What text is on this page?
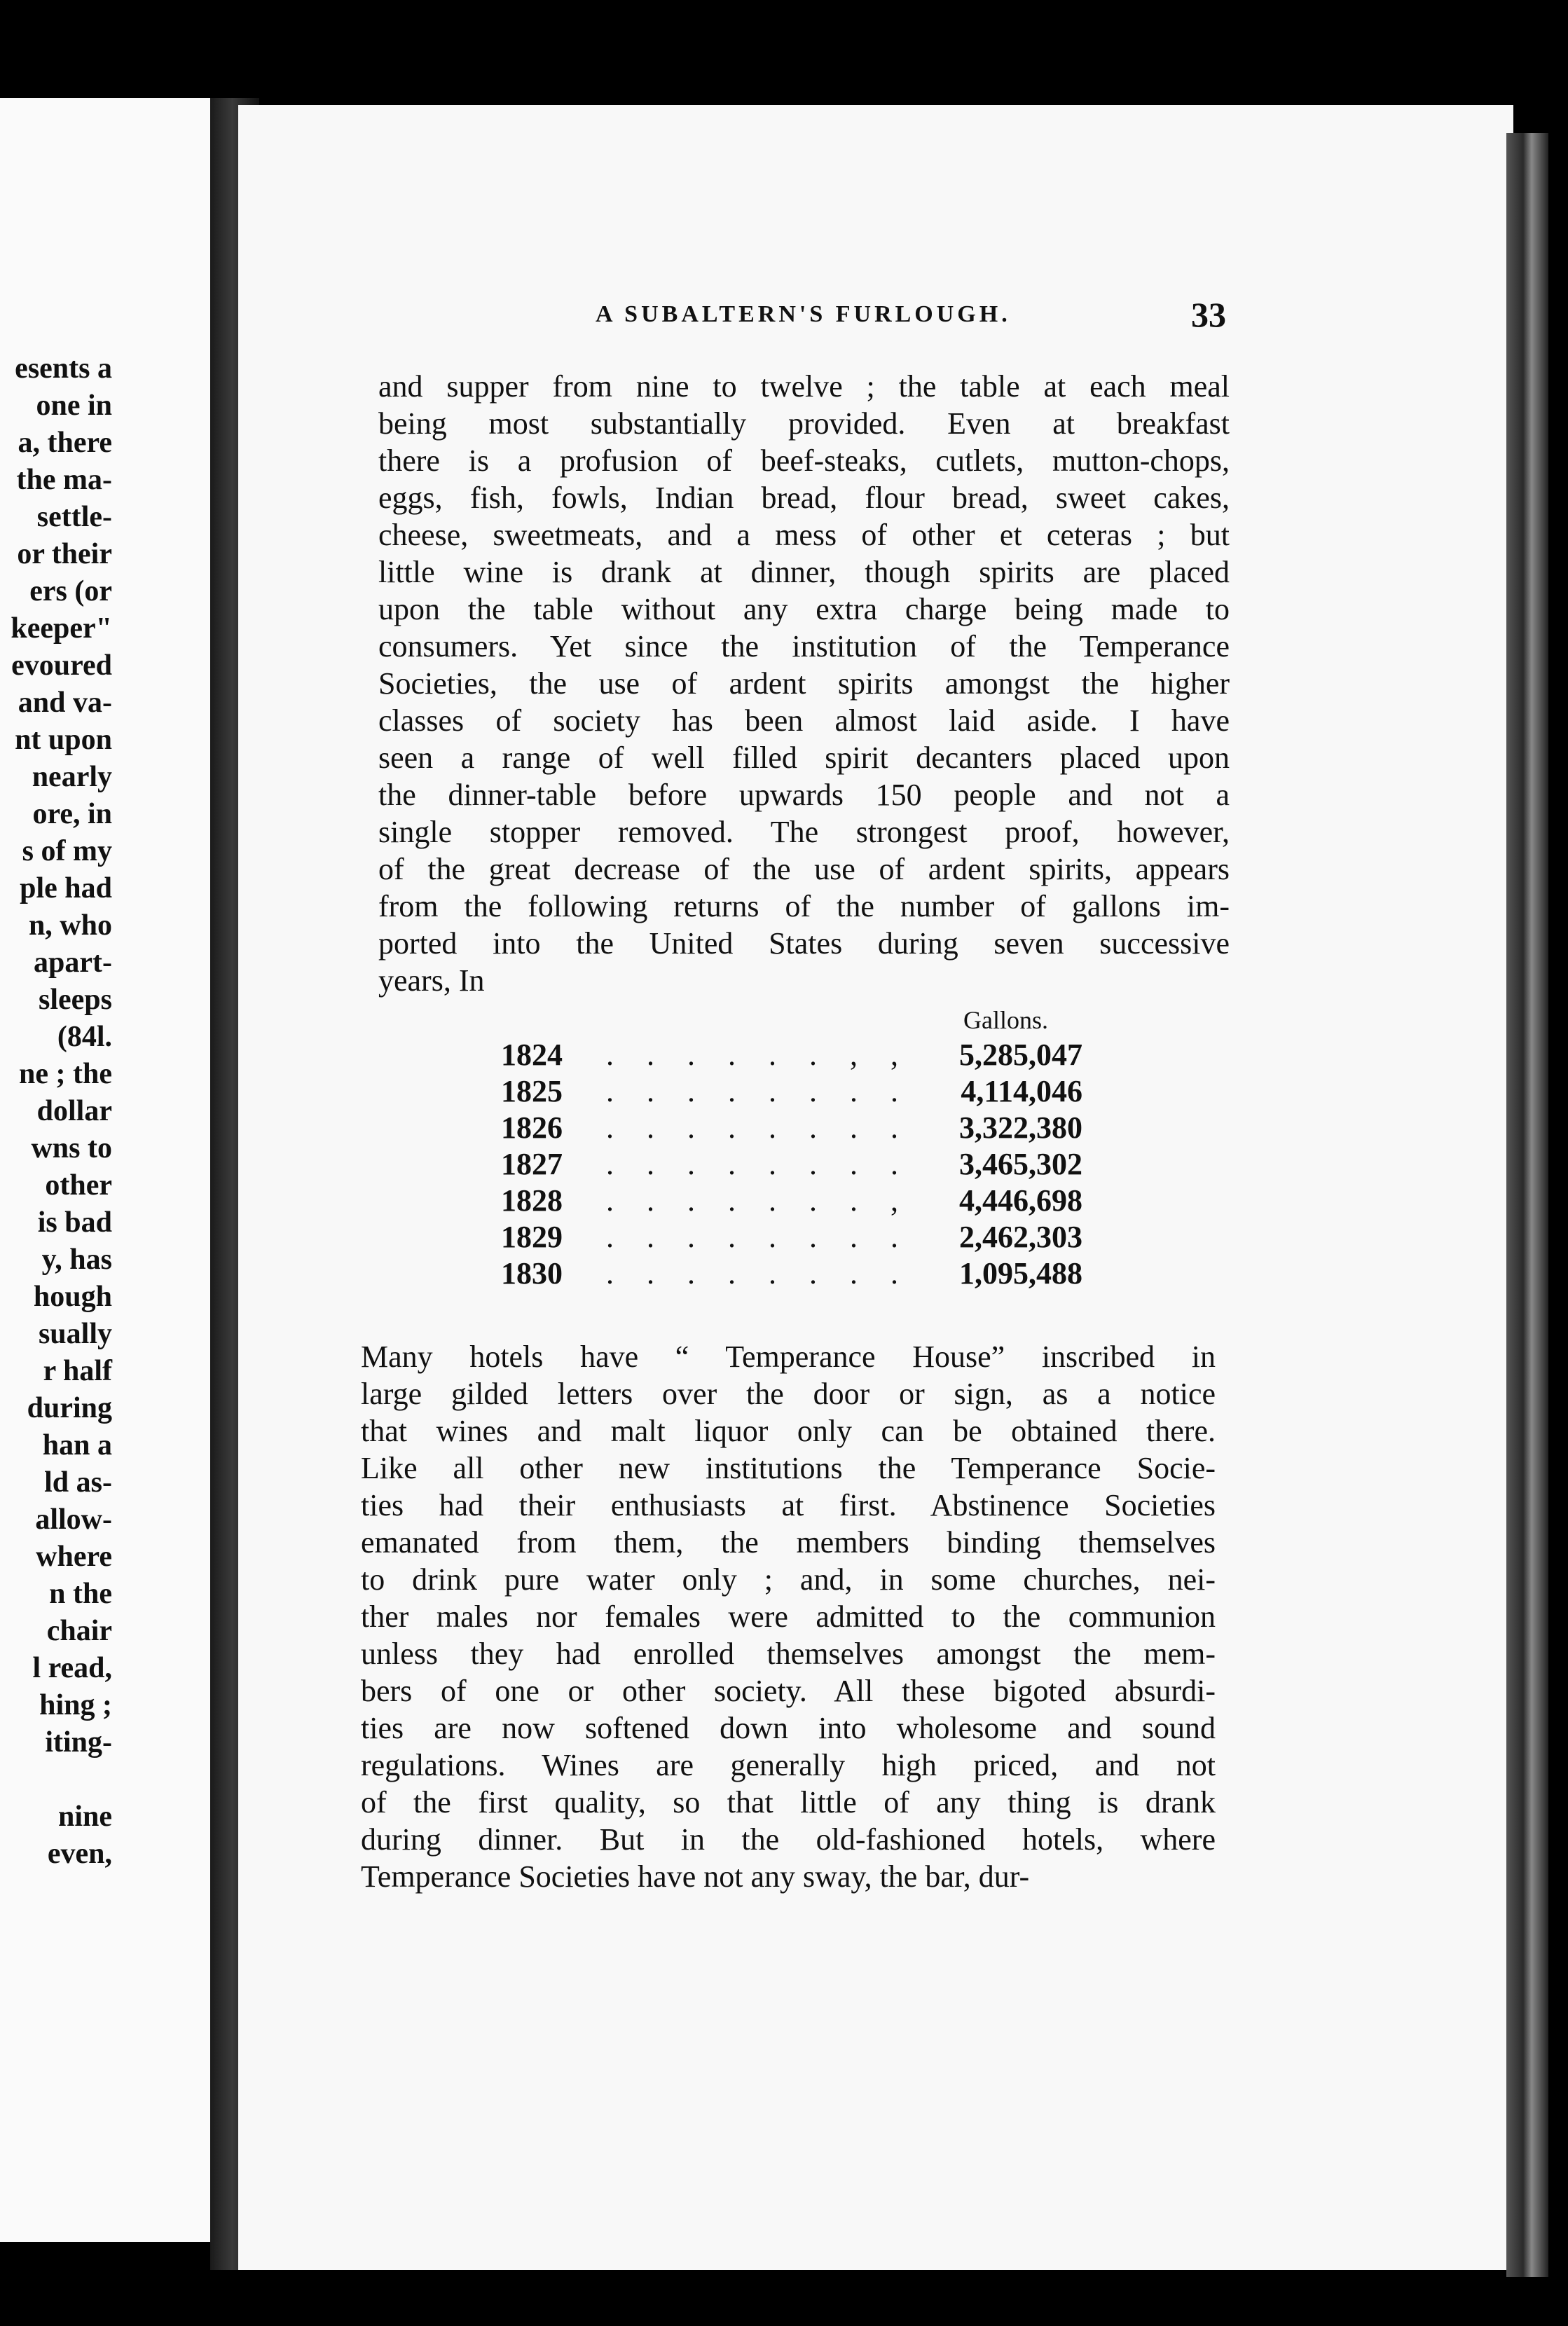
esents a
one in
a, there
the ma-
settle-
or their
ers (or
keeper"
evoured
and va-
nt upon
nearly
ore, in
s of my
ple had
n, who
apart-
sleeps
(84l.
ne ; the
dollar
wns to
other
is bad
y, has
hough
sually
r half
during
han a
ld as-
allow-
where
n the
chair
l read,
hing ;
iting-
nine
even,
A SUBALTERN'S FURLOUGH.	33
and supper from nine to twelve ; the table at each meal
being most substantially provided. Even at breakfast
there is a profusion of beef-steaks, cutlets, mutton-chops,
eggs, fish, fowls, Indian bread, flour bread, sweet cakes,
cheese, sweetmeats, and a mess of other et ceteras ; but
little wine is drank at dinner, though spirits are placed
upon the table without any extra charge being made to
consumers. Yet since the institution of the Temperance
Societies, the use of ardent spirits amongst the higher
classes of society has been almost laid aside. I have
seen a range of well filled spirit decanters placed upon
the dinner-table before upwards 150 people and not a
single stopper removed. The strongest proof, however,
of the great decrease of the use of ardent spirits, appears
from the following returns of the number of gallons im-
ported into the United States during seven successive
years, In
Gallons.
1824 . . . . . . , , 5,285,047
1825 . . . . . . . . 4,114,046
1826 . . . . . . . . 3,322,380
1827 . . . . . . . . 3,465,302
1828 . . . . . . . , 4,446,698
1829 . . . . . . . . 2,462,303
1830 . . . . . . . . 1,095,488
Many hotels have “ Temperance House” inscribed in
large gilded letters over the door or sign, as a notice
that wines and malt liquor only can be obtained there.
Like all other new institutions the Temperance Socie-
ties had their enthusiasts at first. Abstinence Societies
emanated from them, the members binding themselves
to drink pure water only ; and, in some churches, nei-
ther males nor females were admitted to the communion
unless they had enrolled themselves amongst the mem-
bers of one or other society. All these bigoted absurdi-
ties are now softened down into wholesome and sound
regulations. Wines are generally high priced, and not
of the first quality, so that little of any thing is drank
during dinner. But in the old-fashioned hotels, where
Temperance Societies have not any sway, the bar, dur-
